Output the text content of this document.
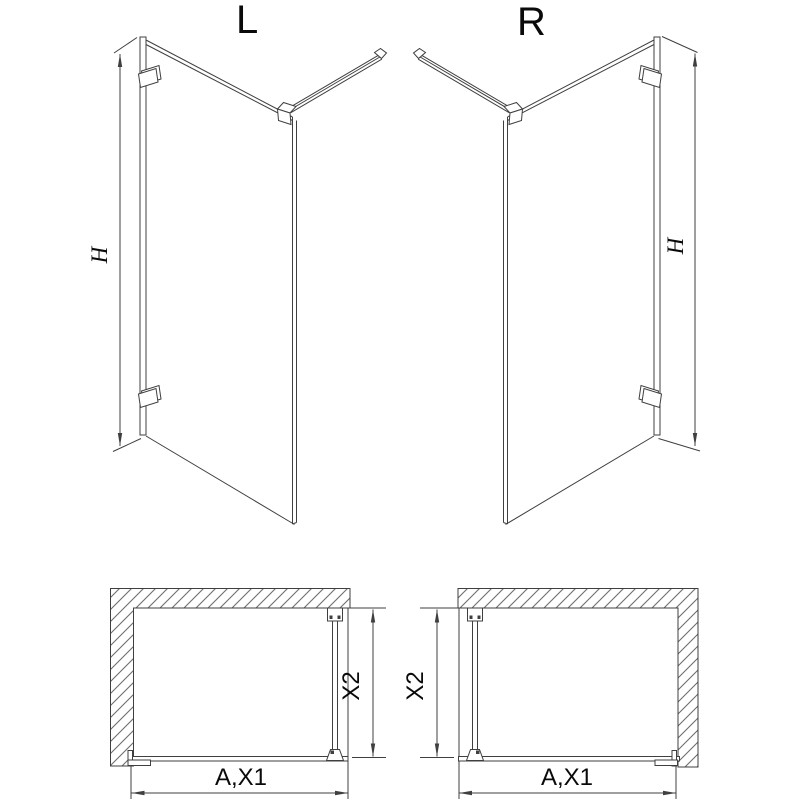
L
H
R
H
X2
A,X1
X2
A,X1
